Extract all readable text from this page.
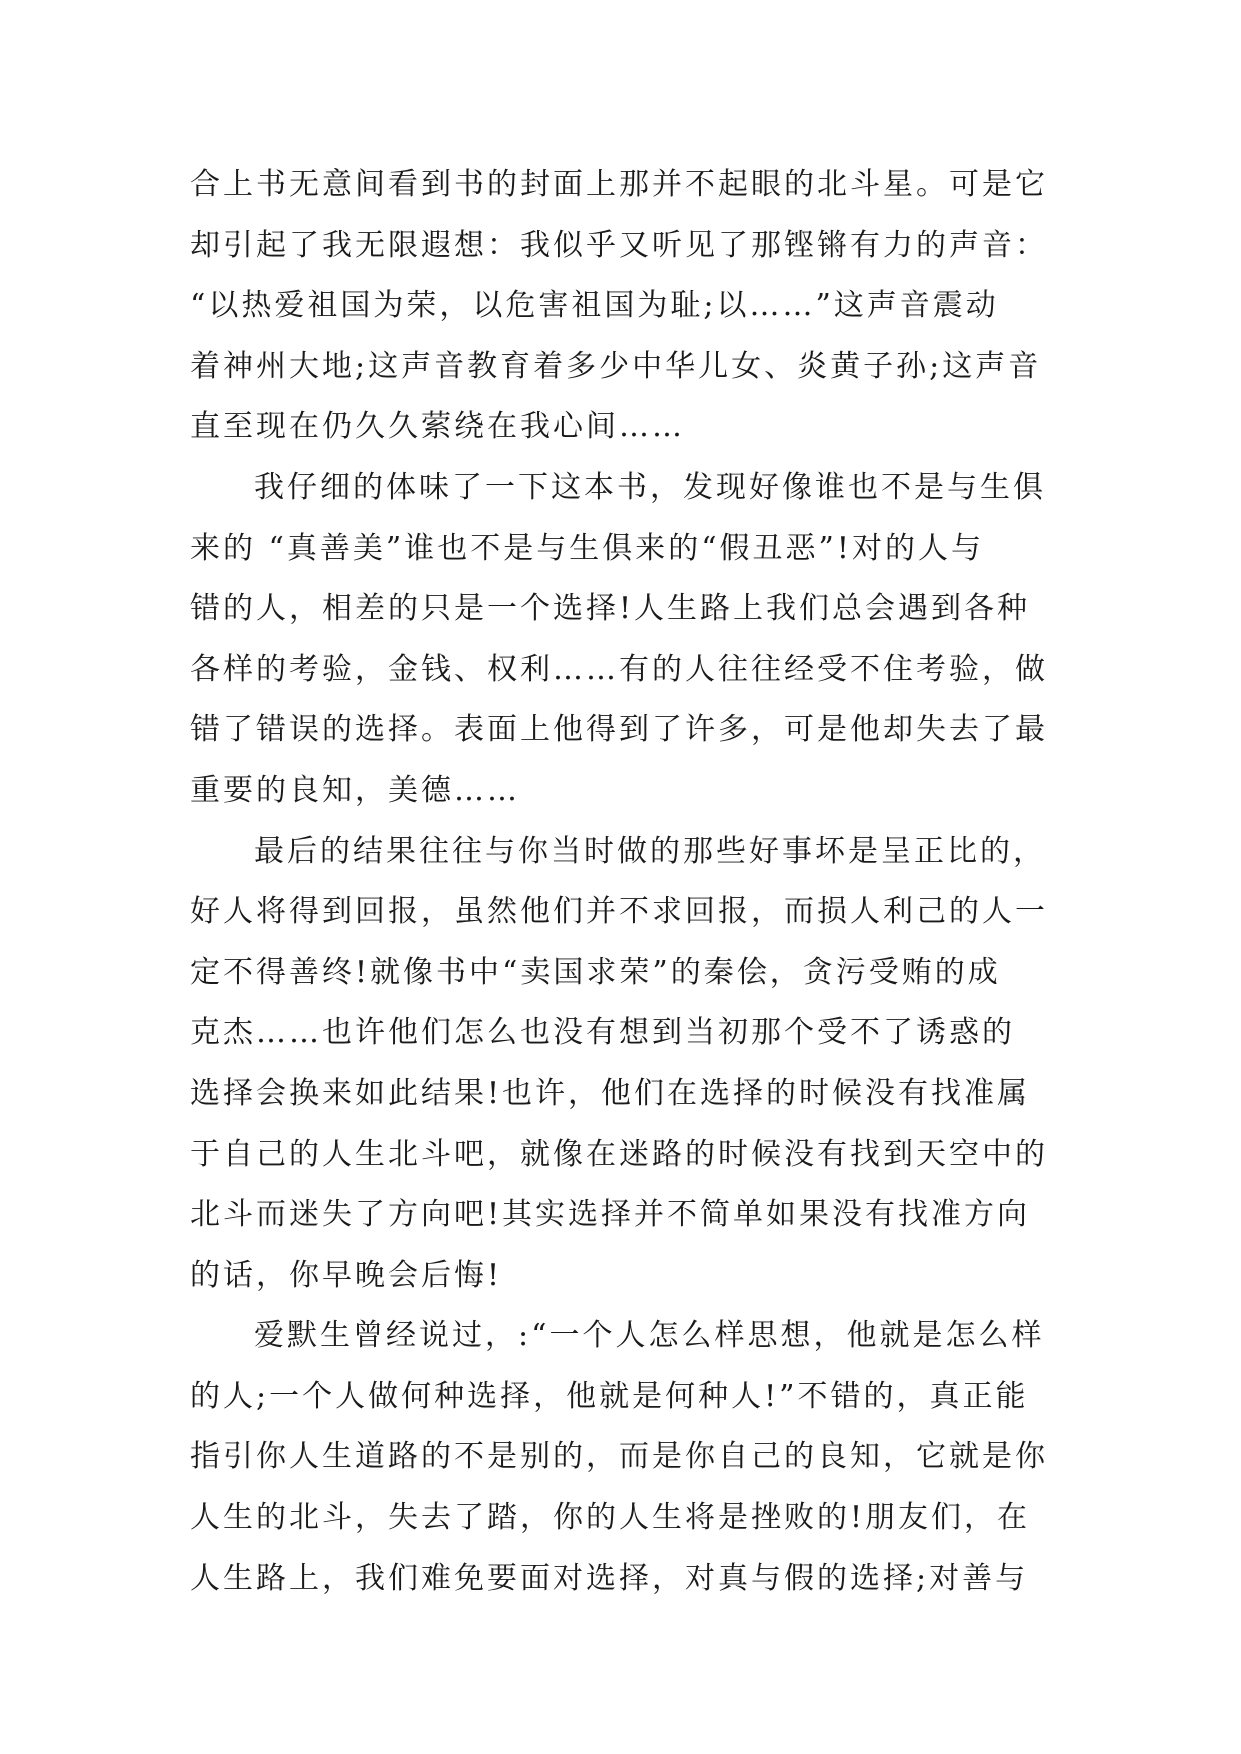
合上书无意间看到书的封面上那并不起眼的北斗星。可是它
却引起了我无限遐想：我似乎又听见了那铿锵有力的声音：
“以热爱祖国为荣，以危害祖国为耻;以……”这声音震动
着神州大地;这声音教育着多少中华儿女、炎黄子孙;这声音
直至现在仍久久萦绕在我心间……
我仔细的体味了一下这本书，发现好像谁也不是与生俱
来的 “真善美”谁也不是与生俱来的“假丑恶”!对的人与
错的人，相差的只是一个选择!人生路上我们总会遇到各种
各样的考验，金钱、权利……有的人往往经受不住考验，做
错了错误的选择。表面上他得到了许多，可是他却失去了最
重要的良知，美德……
最后的结果往往与你当时做的那些好事坏是呈正比的，
好人将得到回报，虽然他们并不求回报，而损人利己的人一
定不得善终!就像书中“卖国求荣”的秦侩，贪污受贿的成
克杰……也许他们怎么也没有想到当初那个受不了诱惑的
选择会换来如此结果!也许，他们在选择的时候没有找准属
于自己的人生北斗吧，就像在迷路的时候没有找到天空中的
北斗而迷失了方向吧!其实选择并不简单如果没有找准方向
的话，你早晚会后悔!
爱默生曾经说过，:“一个人怎么样思想，他就是怎么样
的人;一个人做何种选择，他就是何种人!”不错的，真正能
指引你人生道路的不是别的，而是你自己的良知，它就是你
人生的北斗，失去了踏，你的人生将是挫败的!朋友们，在
人生路上，我们难免要面对选择，对真与假的选择;对善与
